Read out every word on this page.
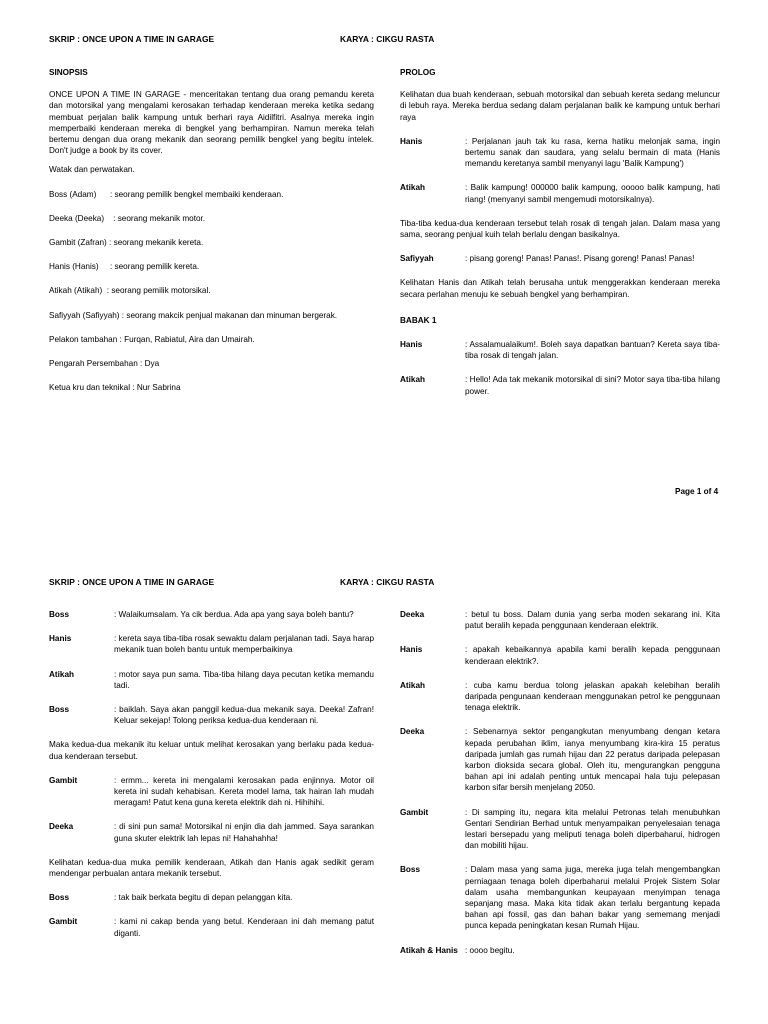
SKRIP : ONCE UPON A TIME IN GARAGE	KARYA : CIKGU RASTA

SINOPSIS

ONCE UPON A TIME IN GARAGE - menceritakan tentang dua orang pemandu kereta dan motorsikal yang mengalami kerosakan terhadap kenderaan mereka ketika sedang membuat perjalan balik kampung untuk berhari raya Aidilfitri. Asalnya mereka ingin memperbaiki kenderaan mereka di bengkel yang berhampiran. Namun mereka telah bertemu dengan dua orang mekanik dan seorang pemilik bengkel yang begitu intelek. Don't judge a book by its cover.

Watak dan perwatakan.

Boss (Adam)      : seorang pemilik bengkel membaiki kenderaan.

Deeka (Deeka)    : seorang mekanik motor.

Gambit (Zafran) : seorang mekanik kereta.

Hanis (Hanis)     : seorang pemilik kereta.

Atikah (Atikah)  : seorang pemilik motorsikal.

Safiyyah (Safiyyah) : seorang makcik penjual makanan dan minuman bergerak.

Pelakon tambahan : Furqan, Rabiatul, Aira dan Umairah.

Pengarah Persembahan : Dya

Ketua kru dan teknikal : Nur Sabrina

PROLOG

Kelihatan dua buah kenderaan, sebuah motorsikal dan sebuah kereta sedang meluncur di lebuh raya. Mereka berdua sedang dalam perjalanan balik ke kampung untuk berhari raya

Hanis	: Perjalanan jauh tak ku rasa, kerna hatiku melonjak sama, ingin bertemu sanak dan saudara, yang selalu bermain di mata (Hanis memandu keretanya sambil menyanyi lagu 'Balik Kampung')
Atikah	: Balik kampung! 000000 balik kampung, ooooo balik kampung, hati riang! (menyanyi sambil mengemudi motorsikalnya).

Tiba-tiba kedua-dua kenderaan tersebut telah rosak di tengah jalan. Dalam masa yang sama, seorang penjual kuih telah berlalu dengan basikalnya.

Safiyyah	: pisang goreng! Panas! Panas!. Pisang goreng! Panas! Panas!

Kelihatan Hanis dan Atikah telah berusaha untuk menggerakkan kenderaan mereka secara perlahan menuju ke sebuah bengkel yang berhampiran.

BABAK 1

Hanis	: Assalamualaikum!. Boleh saya dapatkan bantuan? Kereta saya tiba-tiba rosak di tengah jalan.
Atikah	: Hello! Ada tak mekanik motorsikal di sini? Motor saya tiba-tiba hilang power.
Page 1 of 4
SKRIP : ONCE UPON A TIME IN GARAGE	KARYA : CIKGU RASTA
Boss	: Walaikumsalam. Ya cik berdua. Ada apa yang saya boleh bantu?
Hanis	: kereta saya tiba-tiba rosak sewaktu dalam perjalanan tadi. Saya harap mekanik tuan boleh bantu untuk memperbaikinya
Atikah	: motor saya pun sama. Tiba-tiba hilang daya pecutan ketika memandu tadi.
Boss	: baiklah. Saya akan panggil kedua-dua mekanik saya. Deeka! Zafran! Keluar sekejap! Tolong periksa kedua-dua kenderaan ni.

Maka kedua-dua mekanik itu keluar untuk melihat kerosakan yang berlaku pada kedua-dua kenderaan tersebut.

Gambit	: ermm... kereta ini mengalami kerosakan pada enjinnya. Motor oil kereta ini sudah kehabisan. Kereta model lama, tak hairan lah mudah meragam! Patut kena guna kereta elektrik dah ni. Hihihihi.
Deeka	: di sini pun sama! Motorsikal ni enjin dia dah jammed. Saya sarankan guna skuter elektrik lah lepas ni! Hahahahha!

Kelihatan kedua-dua muka pemilik kenderaan, Atikah dan Hanis agak sedikit geram mendengar perbualan antara mekanik tersebut.

Boss	: tak baik berkata begitu di depan pelanggan kita.
Gambit	: kami ni cakap benda yang betul. Kenderaan ini dah memang patut diganti.
Deeka	: betul tu boss. Dalam dunia yang serba moden sekarang ini. Kita patut beralih kepada penggunaan kenderaan elektrik.
Hanis	: apakah kebaikannya apabila kami beralih kepada penggunaan kenderaan elektrik?.
Atikah	: cuba kamu berdua tolong jelaskan apakah kelebihan beralih daripada pengunaan kenderaan menggunakan petrol ke penggunaan tenaga elektrik.
Deeka	: Sebenarnya sektor pengangkutan menyumbang dengan ketara kepada perubahan iklim, ianya menyumbang kira-kira 15 peratus daripada jumlah gas rumah hijau dan 22 peratus daripada pelepasan karbon dioksida secara global. Oleh itu, mengurangkan pengguna bahan api ini adalah penting untuk mencapai hala tuju pelepasan karbon sifar bersih menjelang 2050.
Gambit	: Di samping itu, negara kita melalui Petronas telah menubuhkan Gentari Sendirian Berhad untuk menyampaikan penyelesaian tenaga lestari bersepadu yang meliputi tenaga boleh diperbaharui, hidrogen dan mobiliti hijau.
Boss	: Dalam masa yang sama juga, mereka juga telah mengembangkan perniagaan tenaga boleh diperbaharui melalui Projek Sistem Solar dalam usaha membangunkan keupayaan menyimpan tenaga sepanjang masa. Maka kita tidak akan terlalu bergantung kepada bahan api fossil, gas dan bahan bakar yang sememang menjadi punca kepada peningkatan kesan Rumah Hijau.
Atikah & Hanis : oooo begitu.
